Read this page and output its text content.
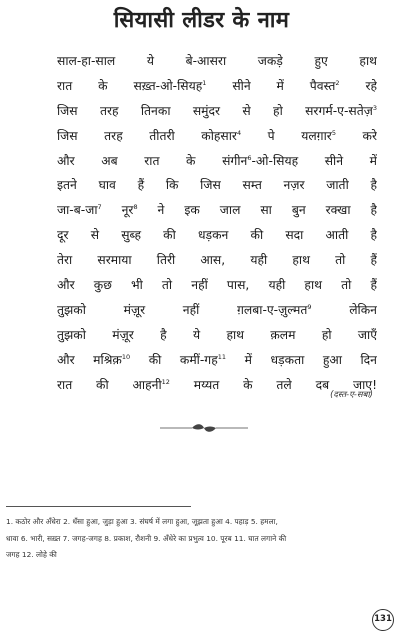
सियासी लीडर के नाम
साल-हा-साल ये बे-आसरा जकड़े हुए हाथ
रात के सख़्त-ओ-सियह$^1$ सीने में पैवस्त$^2$ रहे
जिस तरह तिनका समुंदर से हो सरगर्म-ए-सतेज़$^3$
जिस तरह तीतरी कोहसार$^4$ पे यलग़ार$^5$ करे
और अब रात के संगीन$^6$-ओ-सियह सीने में
इतने घाव हैं कि जिस सम्त नज़र जाती है
जा-ब-जा$^7$ नूर$^8$ ने इक जाल सा बुन रक्खा है
दूर से सुब्ह की धड़कन की सदा आती है
तेरा सरमाया तिरी आस, यही हाथ तो हैं
और कुछ भी तो नहीं पास, यही हाथ तो हैं
तुझको मंज़ूर नहीं ग़लबा-ए-ज़ुल्मत$^9$ लेकिन
तुझको मंज़ूर है ये हाथ क़लम हो जाएँ
और मश्रिक़$^{10}$ की कमीं-गह$^{11}$ में धड़कता हुआ दिन
रात की आहनी$^{12}$ मय्यत के तले दब जाए!
(दस्त-ए-सबा)
1. कठोर और अँधेरा 2. धँसा हुआ, जुड़ा हुआ 3. संघर्ष में लगा हुआ, जूझता हुआ 4. पहाड़ 5. हमला,
धावा 6. भारी, सख़्त 7. जगह-जगह 8. प्रकाश, रौशनी 9. अँधेरे का प्रभुत्व 10. पूरब 11. घात लगाने की
जगह 12. लोहे की
131
